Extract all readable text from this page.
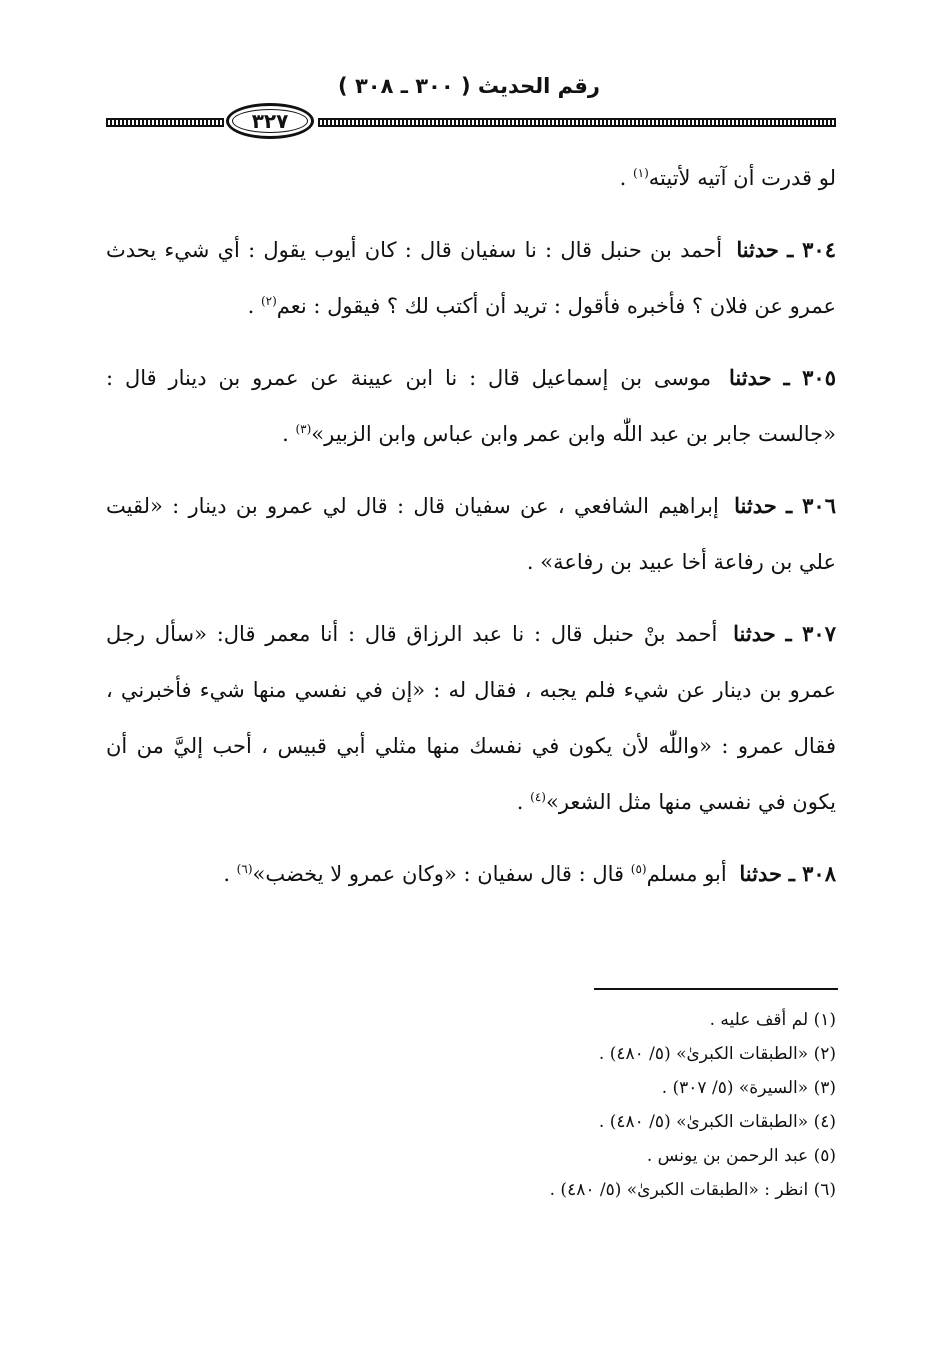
رقم الحديث ( ٣٠٠ ـ ٣٠٨ )
٣٢٧

لو قدرت أن آتيه لأتيته$^{(١)}$ .

٣٠٤ ـ حدثنا أحمد بن حنبل قال : نا سفيان قال : كان أيوب يقول : أي شيء يحدث عمرو عن فلان ؟ فأخبره فأقول : تريد أن أكتب لك ؟ فيقول : نعم$^{(٢)}$ .

٣٠٥ ـ حدثنا موسى بن إسماعيل قال : نا ابن عيينة عن عمرو بن دينار قال : «جالست جابر بن عبد اللّٰه وابن عمر وابن عباس وابن الزبير»$^{(٣)}$ .

٣٠٦ ـ حدثنا إبراهيم الشافعي ، عن سفيان قال : قال لي عمرو بن دينار : «لقيت علي بن رفاعة أخا عبيد بن رفاعة» .

٣٠٧ ـ حدثنا أحمد بنْ حنبل قال : نا عبد الرزاق قال : أنا معمر قال: «سأل رجل عمرو بن دينار عن شيء فلم يجبه ، فقال له : «إن في نفسي منها شيء فأخبرني ، فقال عمرو : «واللّٰه لأن يكون في نفسك منها مثلي أبي قبيس ، أحب إليَّ من أن يكون في نفسي منها مثل الشعر»$^{(٤)}$ .

٣٠٨ ـ حدثنا أبو مسلم$^{(٥)}$ قال : قال سفيان : «وكان عمرو لا يخضب»$^{(٦)}$ .

(١) لم أقف عليه .
(٢) «الطبقات الكبرىٰ» (٥/ ٤٨٠) .
(٣) «السيرة» (٥/ ٣٠٧) .
(٤) «الطبقات الكبرىٰ» (٥/ ٤٨٠) .
(٥) عبد الرحمن بن يونس .
(٦) انظر : «الطبقات الكبرىٰ» (٥/ ٤٨٠) .
